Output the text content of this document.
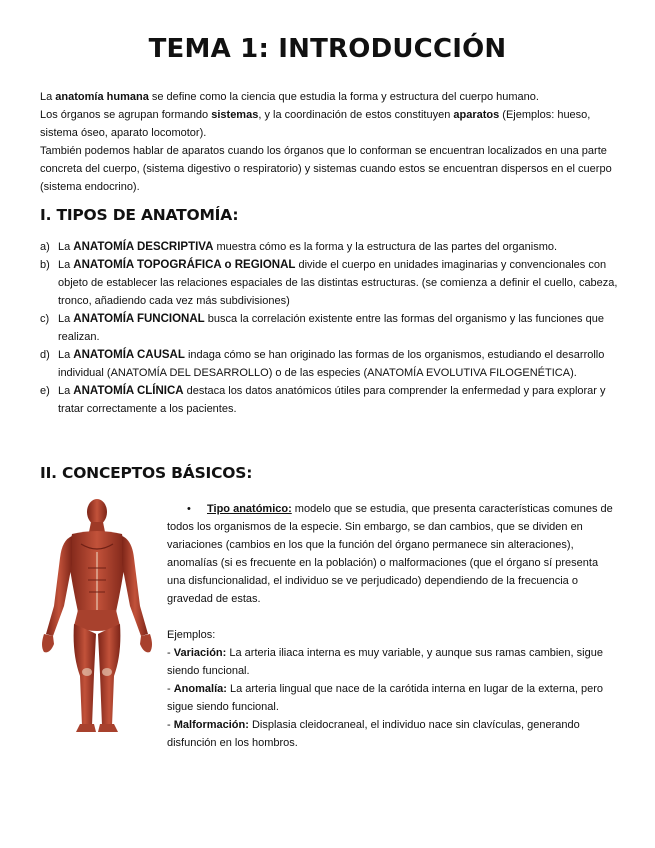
TEMA 1: INTRODUCCIÓN

La anatomía humana se define como la ciencia que estudia la forma y estructura del cuerpo humano.

Los órganos se agrupan formando sistemas, y la coordinación de estos constituyen aparatos (Ejemplos: hueso, sistema óseo, aparato locomotor).

También podemos hablar de aparatos cuando los órganos que lo conforman se encuentran localizados en una parte concreta del cuerpo, (sistema digestivo o respiratorio) y sistemas cuando estos se encuentran dispersos en el cuerpo (sistema endocrino).

I. TIPOS DE ANATOMÍA:
a) La ANATOMÍA DESCRIPTIVA muestra cómo es la forma y la estructura de las partes del organismo.
b) La ANATOMÍA TOPOGRÁFICA o REGIONAL divide el cuerpo en unidades imaginarias y convencionales con objeto de establecer las relaciones espaciales de las distintas estructuras. (se comienza a definir el cuello, cabeza, tronco, añadiendo cada vez más subdivisiones)
c) La ANATOMÍA FUNCIONAL busca la correlación existente entre las formas del organismo y las funciones que realizan.
d) La ANATOMÍA CAUSAL indaga cómo se han originado las formas de los organismos, estudiando el desarrollo individual (ANATOMÍA DEL DESARROLLO) o de las especies (ANATOMÍA EVOLUTIVA FILOGENÉTICA).
e) La ANATOMÍA CLÍNICA destaca los datos anatómicos útiles para comprender la enfermedad y para explorar y tratar correctamente a los pacientes.
II. CONCEPTOS BÁSICOS:
• Tipo anatómico: modelo que se estudia, que presenta características comunes de todos los organismos de la especie. Sin embargo, se dan cambios, que se dividen en variaciones (cambios en los que la función del órgano permanece sin alteraciones), anomalías (si es frecuente en la población) o malformaciones (que el órgano sí presenta una disfuncionalidad, el individuo se ve perjudicado) dependiendo de la frecuencia o gravedad de estas.
Ejemplos:
- Variación: La arteria iliaca interna es muy variable, y aunque sus ramas cambien, sigue siendo funcional.
- Anomalía: La arteria lingual que nace de la carótida interna en lugar de la externa, pero sigue siendo funcional.
- Malformación: Displasia cleidocraneal, el individuo nace sin clavículas, generando disfunción en los hombros.
